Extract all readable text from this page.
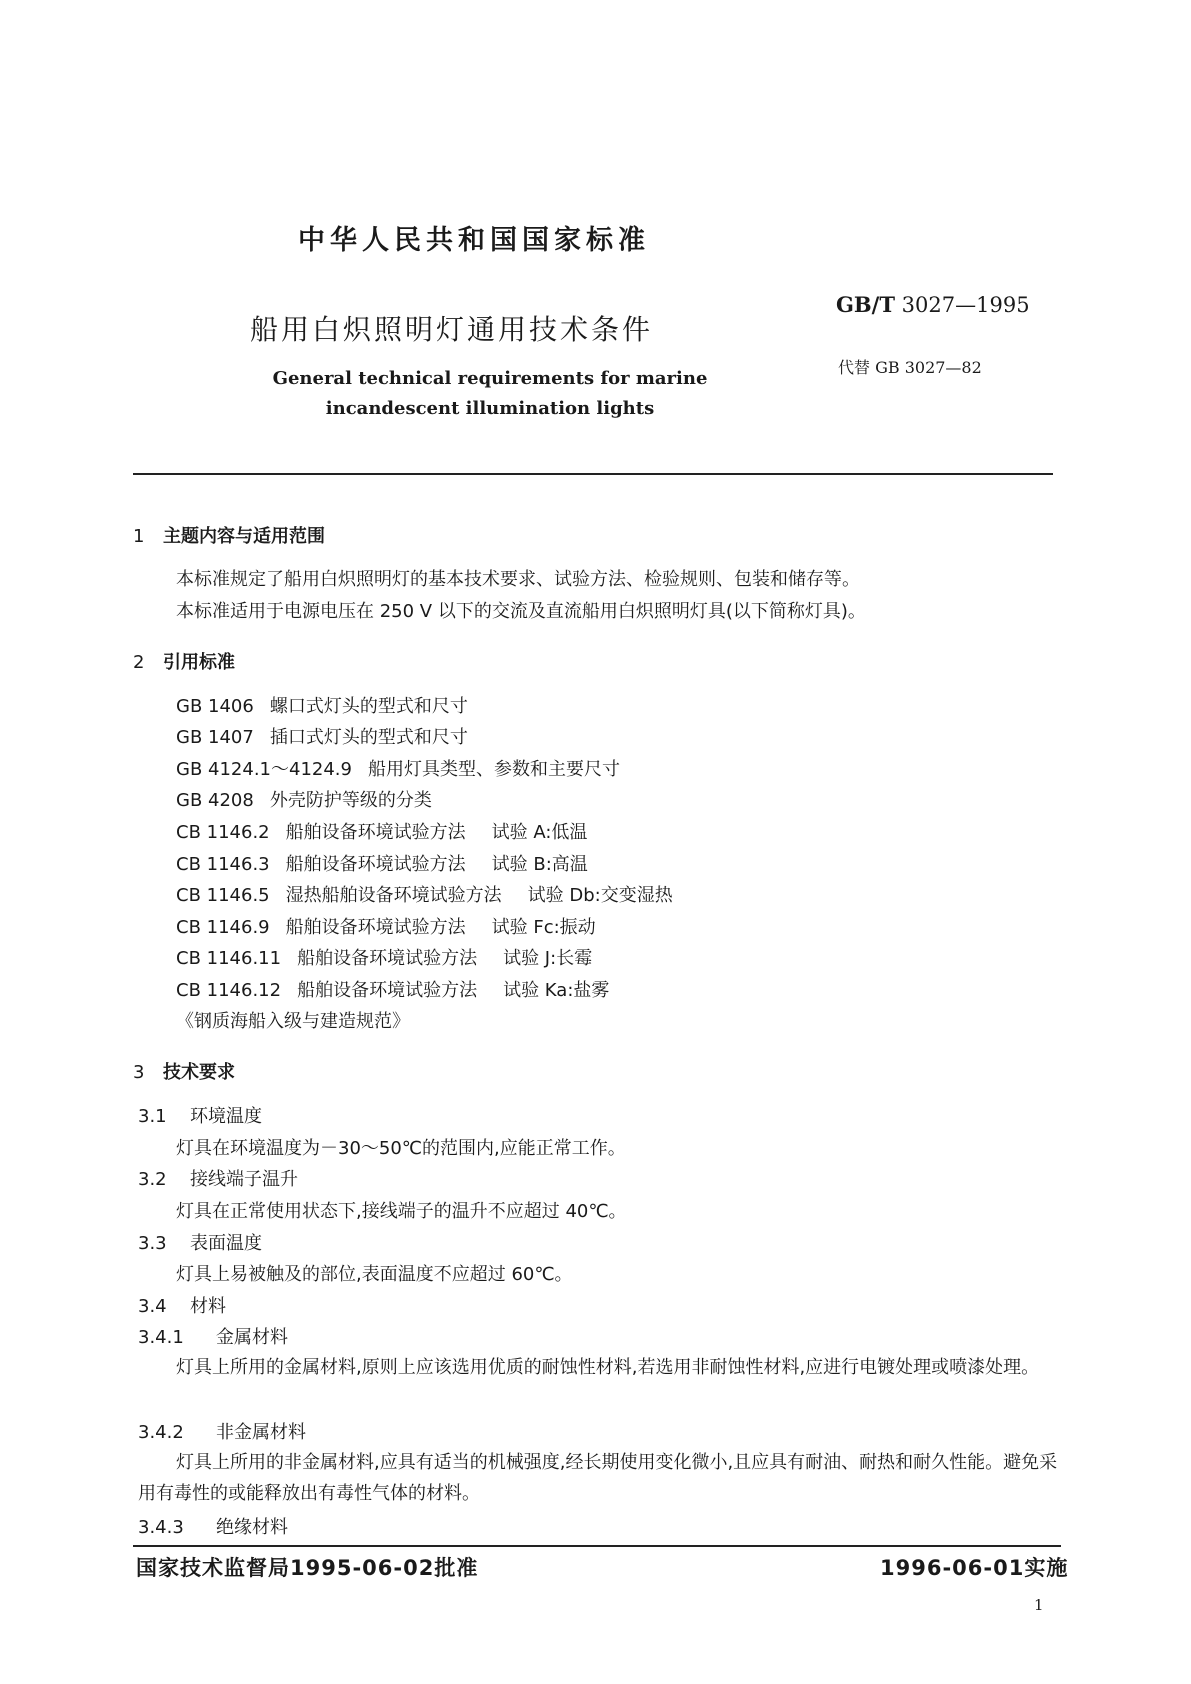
中华人民共和国国家标准
船用白炽照明灯通用技术条件
General technical requirements for marine
incandescent illumination lights
GB/T 3027—1995
代替 GB 3027—82
1 主题内容与适用范围
本标准规定了船用白炽照明灯的基本技术要求、试验方法、检验规则、包装和储存等。
本标准适用于电源电压在 250 V 以下的交流及直流船用白炽照明灯具(以下简称灯具)。
2 引用标准
GB 1406 螺口式灯头的型式和尺寸
GB 1407 插口式灯头的型式和尺寸
GB 4124.1～4124.9 船用灯具类型、参数和主要尺寸
GB 4208 外壳防护等级的分类
CB 1146.2 船舶设备环境试验方法 试验 A:低温
CB 1146.3 船舶设备环境试验方法 试验 B:高温
CB 1146.5 湿热船舶设备环境试验方法 试验 Db:交变湿热
CB 1146.9 船舶设备环境试验方法 试验 Fc:振动
CB 1146.11 船舶设备环境试验方法 试验 J:长霉
CB 1146.12 船舶设备环境试验方法 试验 Ka:盐雾
《钢质海船入级与建造规范》
3 技术要求
3.1 环境温度
灯具在环境温度为－30～50℃的范围内,应能正常工作。
3.2 接线端子温升
灯具在正常使用状态下,接线端子的温升不应超过 40℃。
3.3 表面温度
灯具上易被触及的部位,表面温度不应超过 60℃。
3.4 材料
3.4.1 金属材料
灯具上所用的金属材料,原则上应该选用优质的耐蚀性材料,若选用非耐蚀性材料,应进行电镀处理或喷漆处理。
3.4.2 非金属材料
灯具上所用的非金属材料,应具有适当的机械强度,经长期使用变化微小,且应具有耐油、耐热和耐久性能。避免采用有毒性的或能释放出有毒性气体的材料。
3.4.3 绝缘材料
国家技术监督局1995-06-02批准	1996-06-01实施
1
